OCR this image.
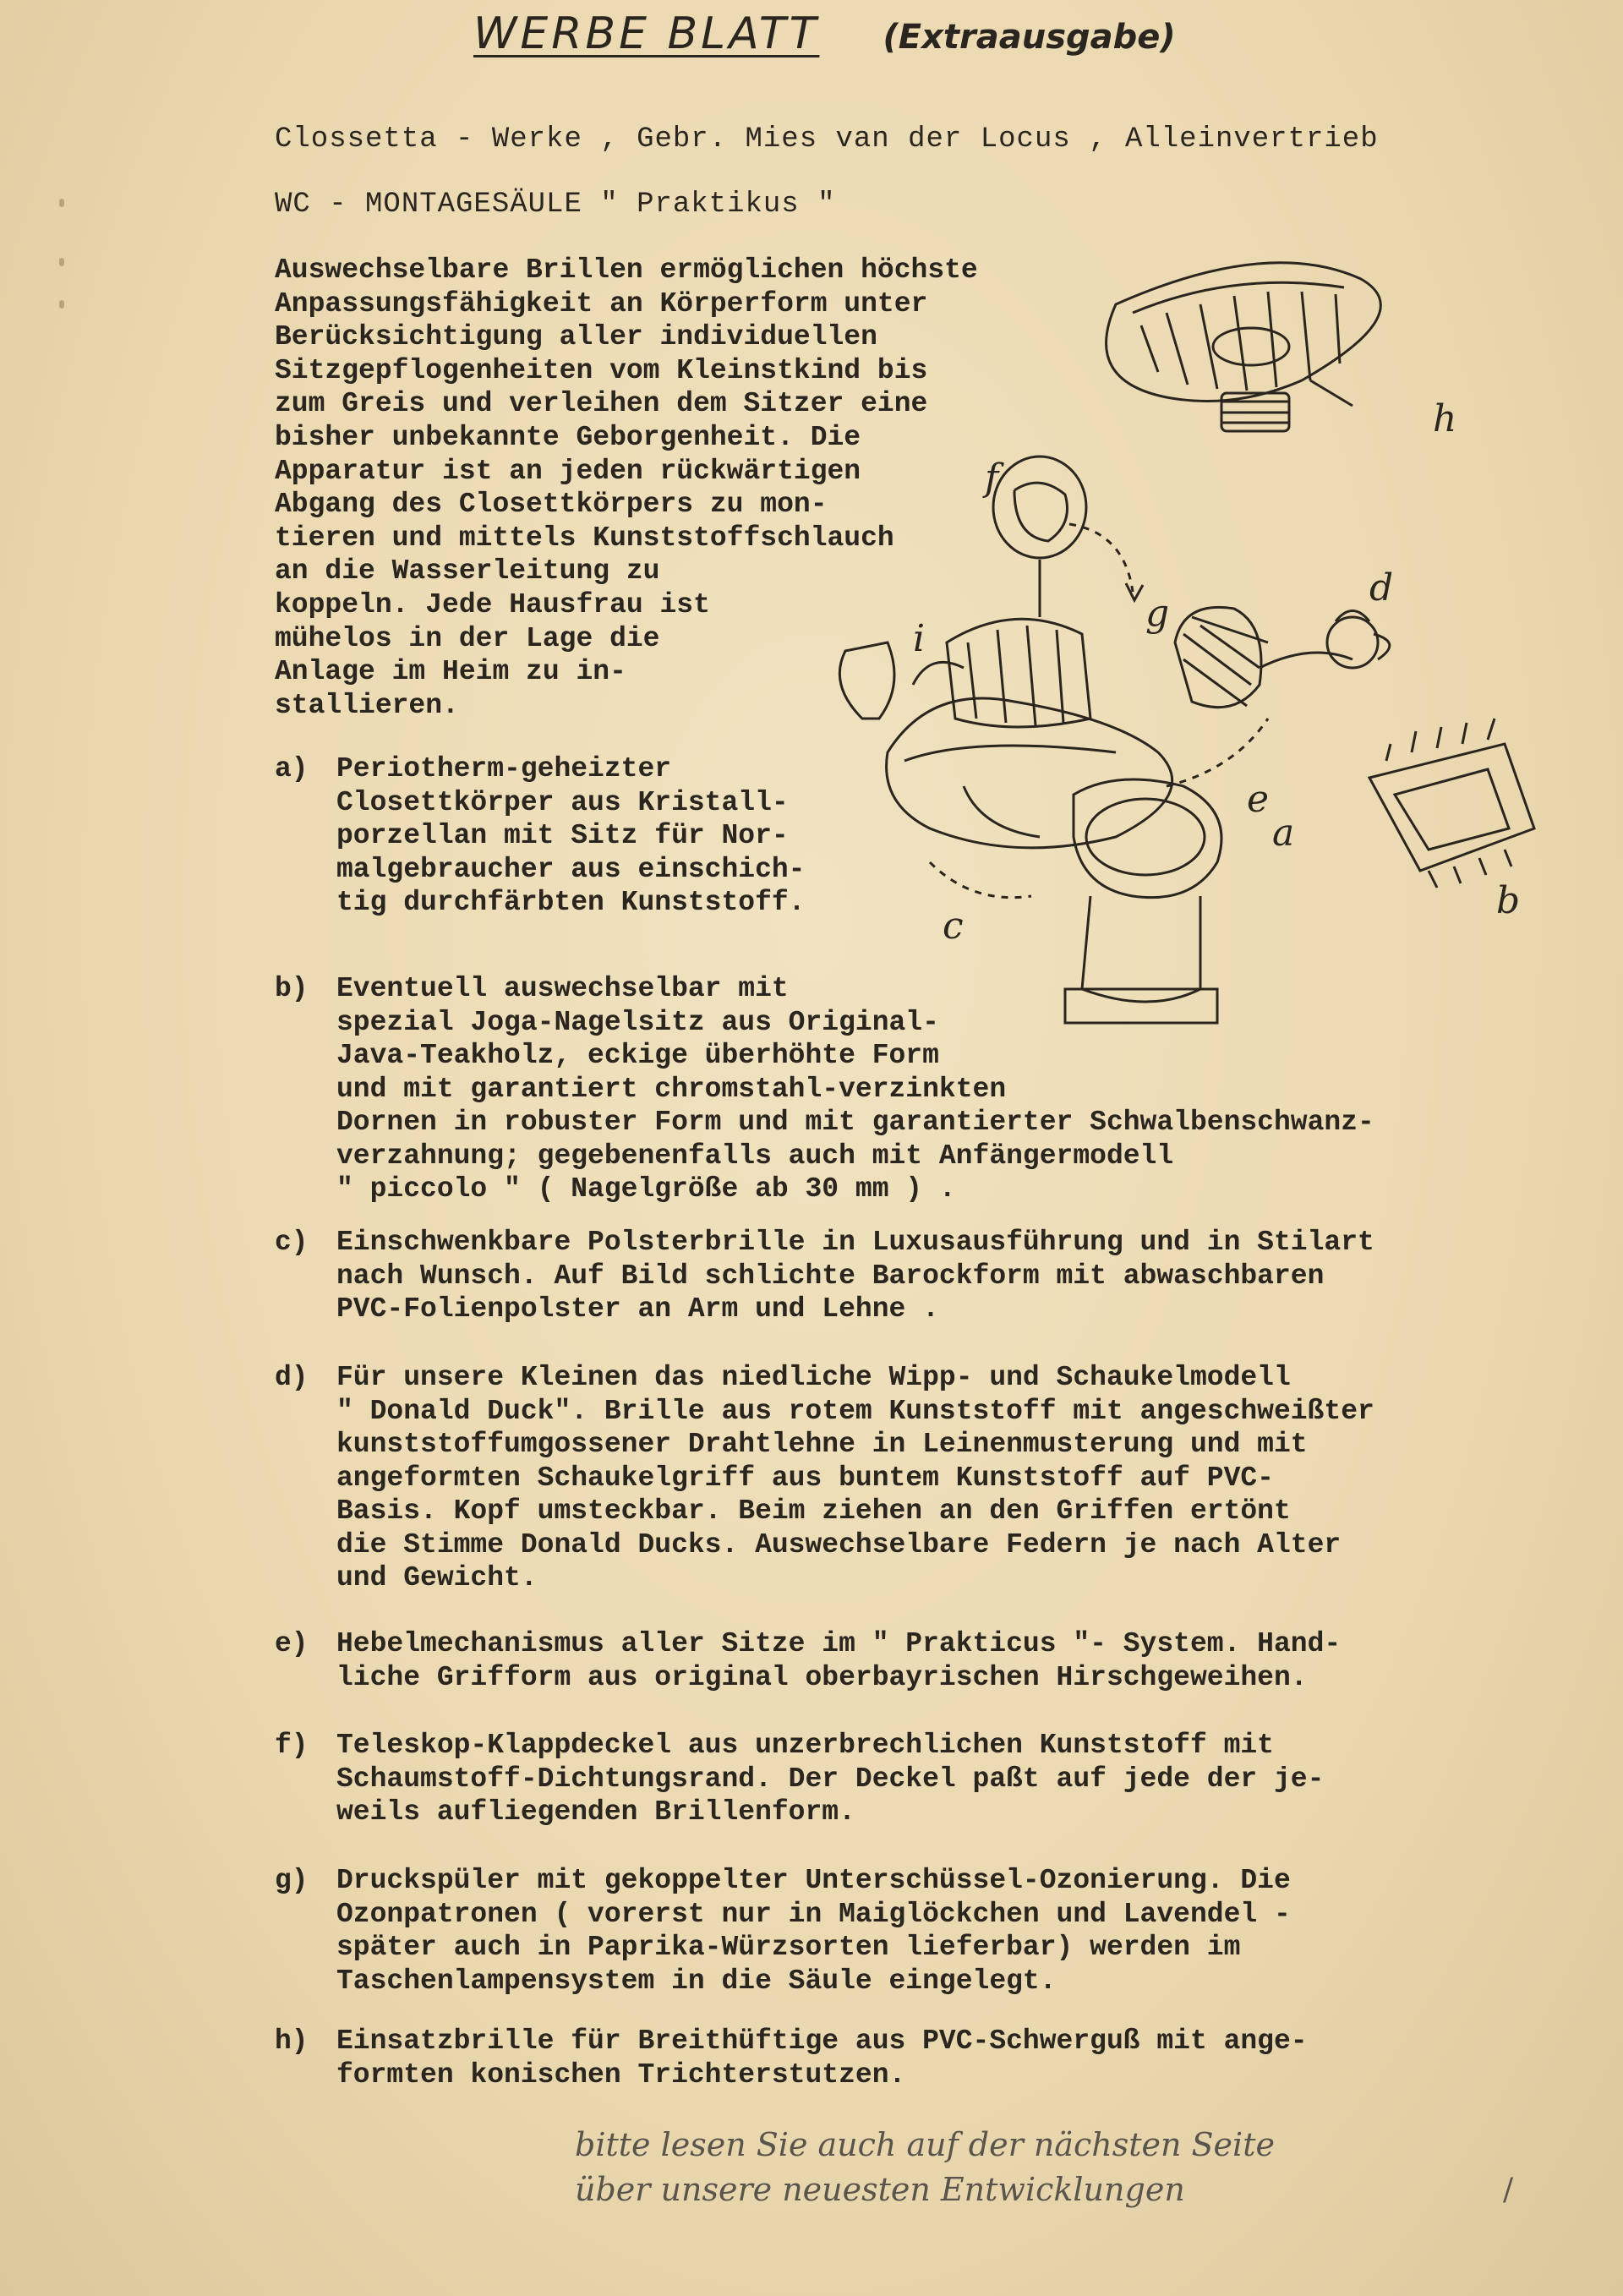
WERBE BLATT (Extraausgabe)
Clossetta - Werke , Gebr. Mies van der Locus , Alleinvertrieb
WC - MONTAGESÄULE " Praktikus "
Auswechselbare Brillen ermöglichen höchste
Anpassungsfähigkeit an Körperform unter
Berücksichtigung aller individuellen
Sitzgepflogenheiten vom Kleinstkind bis
zum Greis und verleihen dem Sitzer eine
bisher unbekannte Geborgenheit. Die
Apparatur ist an jeden rückwärtigen
Abgang des Closettkörpers zu mon-
tieren und mittels Kunststoffschlauch
an die Wasserleitung zu
koppeln. Jede Hausfrau ist
mühelos in der Lage die
Anlage im Heim zu in-
stallieren.
a) Periotherm-geheizter
Closettkörper aus Kristall-
porzellan mit Sitz für Nor-
malgebraucher aus einschich-
tig durchfärbten Kunststoff.
b) Eventuell auswechselbar mit
spezial Joga-Nagelsitz aus Original-
Java-Teakholz, eckige überhöhte Form
und mit garantiert chromstahl-verzinkten
Dornen in robuster Form und mit garantierter Schwalbenschwanz-
verzahnung; gegebenenfalls auch mit Anfängermodell
" piccolo " ( Nagelgröße ab 30 mm ) .
c) Einschwenkbare Polsterbrille in Luxusausführung und in Stilart
nach Wunsch. Auf Bild schlichte Barockform mit abwaschbaren
PVC-Folienpolster an Arm und Lehne .
d) Für unsere Kleinen das niedliche Wipp- und Schaukelmodell
" Donald Duck". Brille aus rotem Kunststoff mit angeschweißter
kunststoffumgossener Drahtlehne in Leinenmusterung und mit
angeformten Schaukelgriff aus buntem Kunststoff auf PVC-
Basis. Kopf umsteckbar. Beim ziehen an den Griffen ertönt
die Stimme Donald Ducks. Auswechselbare Federn je nach Alter
und Gewicht.
e) Hebelmechanismus aller Sitze im " Prakticus "- System. Hand-
liche Grifform aus original oberbayrischen Hirschgeweihen.
f) Teleskop-Klappdeckel aus unzerbrechlichen Kunststoff mit
Schaumstoff-Dichtungsrand. Der Deckel paßt auf jede der je-
weils aufliegenden Brillenform.
g) Druckspüler mit gekoppelter Unterschüssel-Ozonierung. Die
Ozonpatronen ( vorerst nur in Maiglöckchen und Lavendel -
später auch in Paprika-Würzsorten lieferbar) werden im
Taschenlampensystem in die Säule eingelegt.
h) Einsatzbrille für Breithüftige aus PVC-Schwerguß mit ange-
formten konischen Trichterstutzen.
a
b
c
d
e
f
g
h
i
bitte lesen Sie auch auf der nächsten Seite
über unsere neuesten Entwicklungen	/
